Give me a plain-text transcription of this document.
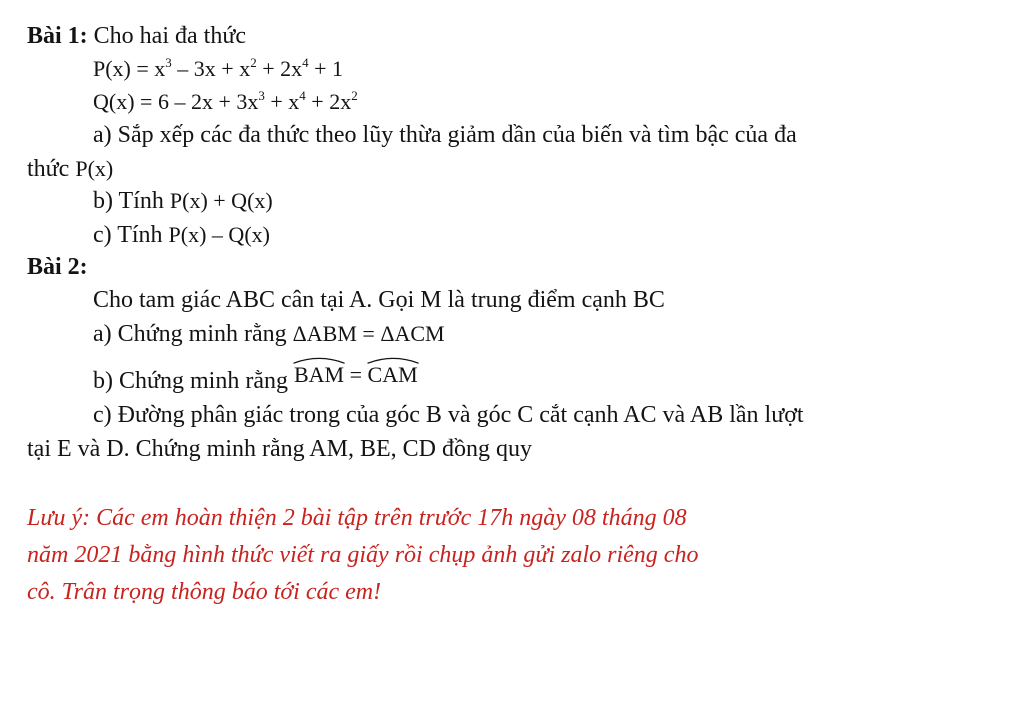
Bài 1: Cho hai đa thức
$P(x) = x^3 - 3x + x^2 + 2x^4 + 1$
$Q(x) = 6 - 2x + 3x^3 + x^4 + 2x^2$
a) Sắp xếp các đa thức theo lũy thừa giảm dần của biến và tìm bậc của đa
thức P(x)
b) Tính P(x) + Q(x)
c) Tính P(x) – Q(x)
Bài 2:
Cho tam giác ABC cân tại A. Gọi M là trung điểm cạnh BC
a) Chứng minh rằng ΔABM = ΔACM
b) Chứng minh rằng
BAM =
CAM
c) Đường phân giác trong của góc B và góc C cắt cạnh AC và AB lần lượt
tại E và D. Chứng minh rằng AM, BE, CD đồng quy
Lưu ý: Các em hoàn thiện 2 bài tập trên trước 17h ngày 08 tháng 08
năm 2021 bằng hình thức viết ra giấy rồi chụp ảnh gửi zalo riêng cho
cô. Trân trọng thông báo tới các em!
